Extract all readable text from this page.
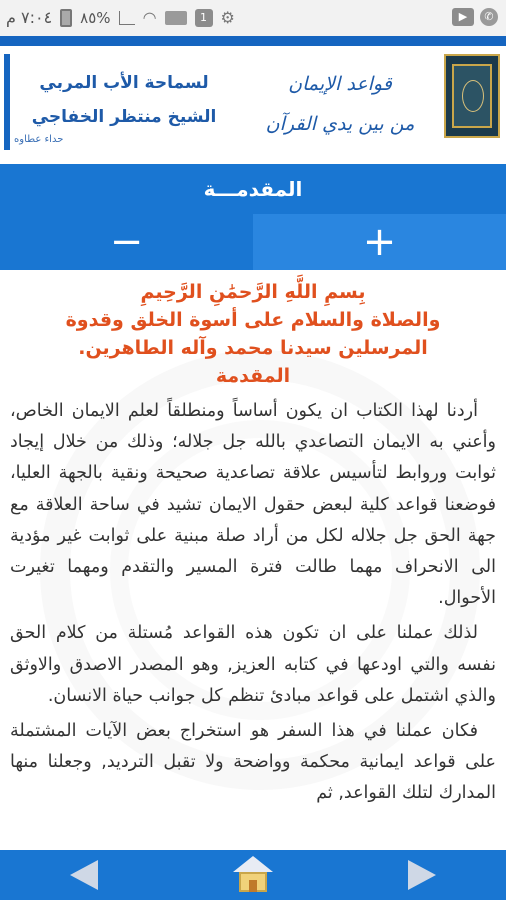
▶	✆
⚙
1
◠
%٨٥
٧:٠٤ م
قواعد الإيمان
من بين يدي القرآن
لسماحة الأب المربي
الشيخ منتظر الخفاجي
حداء عطاوه
المقدمـــة
−	+
بِسمِ اللَّهِ الرَّحمَٰنِ الرَّحِيمِ
والصلاة والسلام على أسوة الخلق وقدوة
المرسلين سيدنا محمد وآله الطاهرين.
المقدمة

أردنا لهذا الكتاب ان يكون أساساً ومنطلقاً لعلم الايمان الخاص، وأعني به الايمان التصاعدي بالله جل جلاله؛ وذلك من خلال إيجاد ثوابت وروابط لتأسيس علاقة تصاعدية صحيحة ونقية بالجهة العليا، فوضعنا قواعد كلية لبعض حقول الايمان تشيد في ساحة العلاقة مع جهة الحق جل جلاله لكل من أراد صلة مبنية على ثوابت غير مؤدية الى الانحراف مهما طالت فترة المسير والتقدم ومهما تغيرت الأحوال.

لذلك عملنا على ان تكون هذه القواعد مُستلة من كلام الحق نفسه والتي اودعها في كتابه العزيز, وهو المصدر الاصدق والاوثق والذي اشتمل على قواعد مبادئ تنظم كل جوانب حياة الانسان.

فكان عملنا في هذا السفر هو استخراج بعض الآيات المشتملة على قواعد ايمانية محكمة وواضحة ولا تقبل الترديد, وجعلنا منها المدارك لتلك القواعد, ثم
